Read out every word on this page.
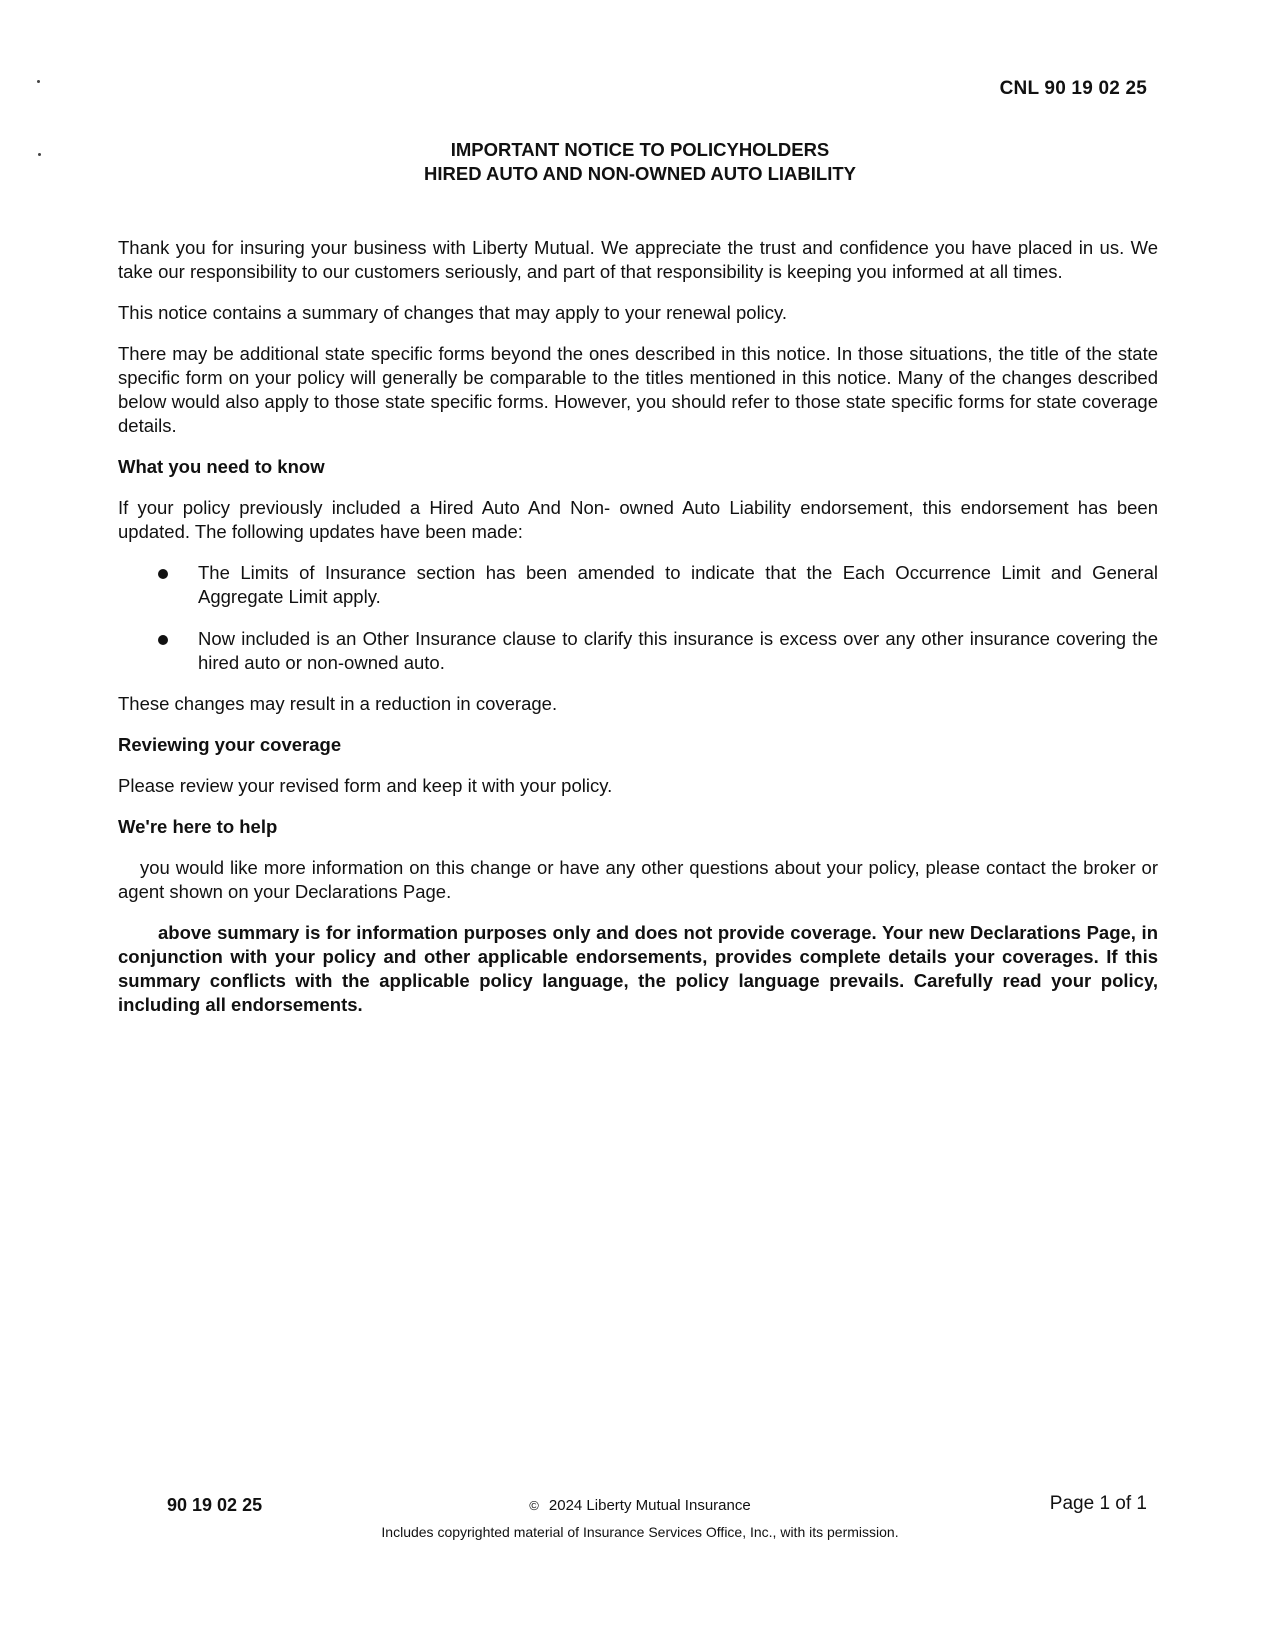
CNL 90 19 02 25
IMPORTANT NOTICE TO POLICYHOLDERS
HIRED AUTO AND NON-OWNED AUTO LIABILITY

Thank you for insuring your business with Liberty Mutual. We appreciate the trust and confidence you have placed in us. We take our responsibility to our customers seriously, and part of that responsibility is keeping you informed at all times.

This notice contains a summary of changes that may apply to your renewal policy.

There may be additional state specific forms beyond the ones described in this notice. In those situations, the title of the state specific form on your policy will generally be comparable to the titles mentioned in this notice. Many of the changes described below would also apply to those state specific forms. However, you should refer to those state specific forms for state coverage details.

What you need to know

If your policy previously included a Hired Auto And Non- owned Auto Liability endorsement, this endorsement has been updated. The following updates have been made:

The Limits of Insurance section has been amended to indicate that the Each Occurrence Limit and General Aggregate Limit apply.
Now included is an Other Insurance clause to clarify this insurance is excess over any other insurance covering the hired auto or non-owned auto.

These changes may result in a reduction in coverage.

Reviewing your coverage

Please review your revised form and keep it with your policy.

We're here to help

you would like more information on this change or have any other questions about your policy, please contact the broker or agent shown on your Declarations Page.

above summary is for information purposes only and does not provide coverage. Your new Declarations Page, in conjunction with your policy and other applicable endorsements, provides complete details your coverages. If this summary conflicts with the applicable policy language, the policy language prevails. Carefully read your policy, including all endorsements.

90 19 02 25	© 2024 Liberty Mutual Insurance	Page 1 of 1
Includes copyrighted material of Insurance Services Office, Inc., with its permission.
